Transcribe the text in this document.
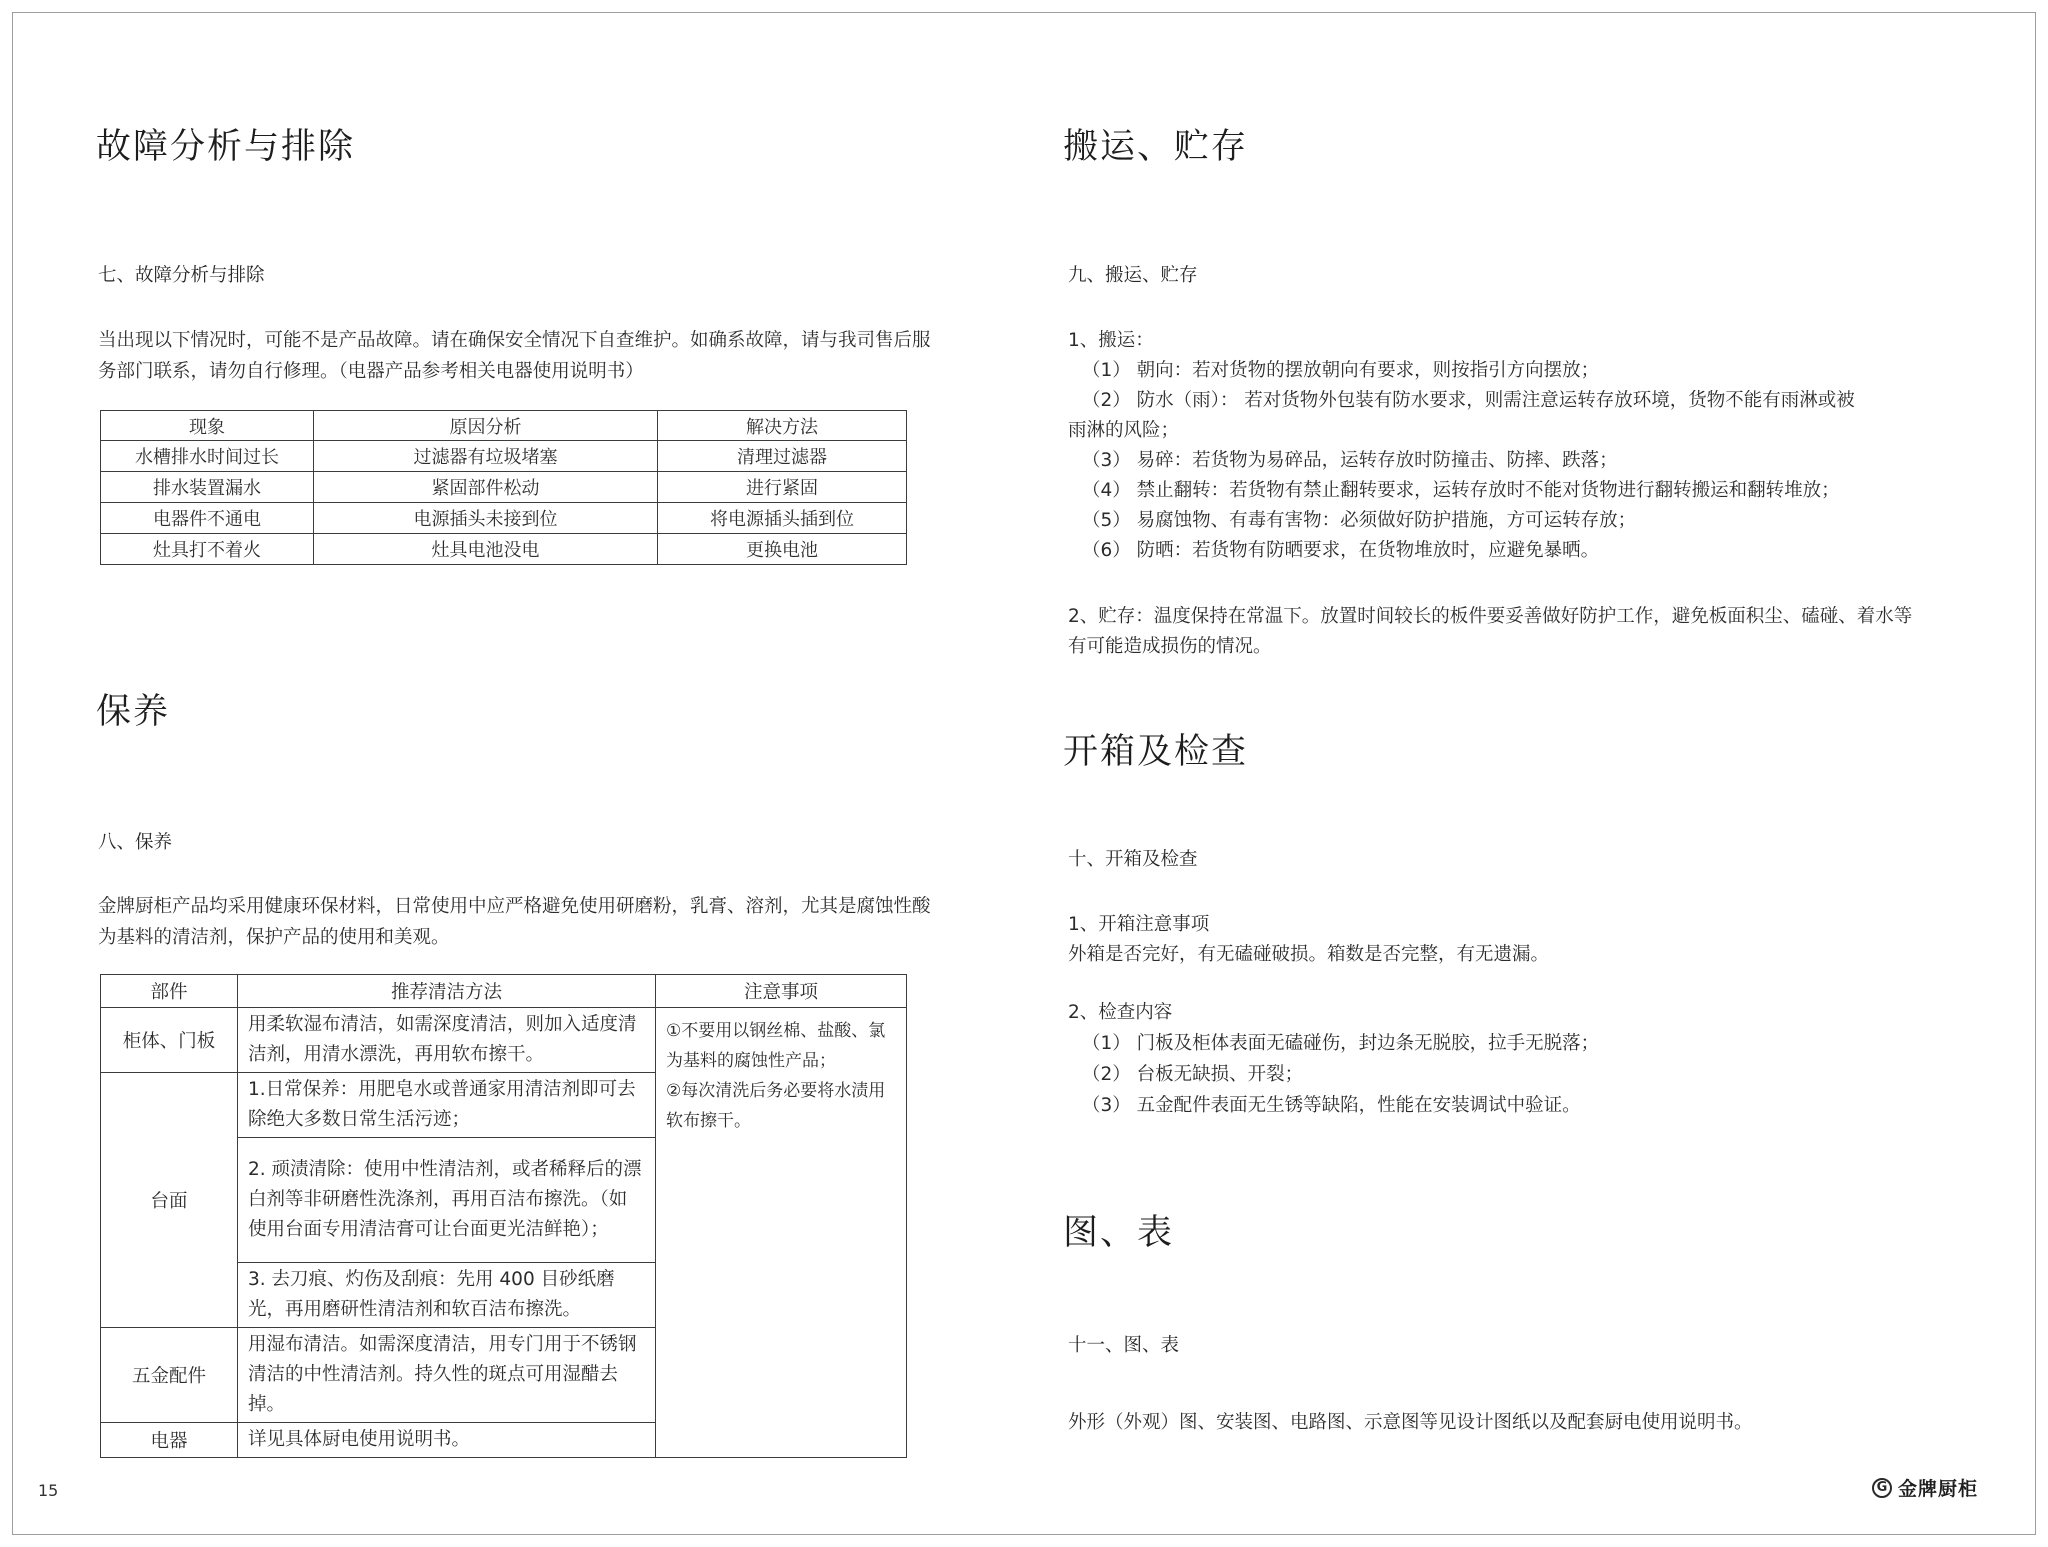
故障分析与排除
七、故障分析与排除
当出现以下情况时，可能不是产品故障。请在确保安全情况下自查维护。如确系故障，请与我司售后服
务部门联系，请勿自行修理。（电器产品参考相关电器使用说明书）
现象	原因分析	解决方法
水槽排水时间过长	过滤器有垃圾堵塞	清理过滤器
排水装置漏水	紧固部件松动	进行紧固
电器件不通电	电源插头未接到位	将电源插头插到位
灶具打不着火	灶具电池没电	更换电池
保养
八、保养
金牌厨柜产品均采用健康环保材料，日常使用中应严格避免使用研磨粉，乳膏、溶剂，尤其是腐蚀性酸
为基料的清洁剂，保护产品的使用和美观。
部件	推荐清洁方法	注意事项
柜体、门板	用柔软湿布清洁，如需深度清洁，则加入适度清洁剂，用清水漂洗，再用软布擦干。	①不要用以钢丝棉、盐酸、氯为基料的腐蚀性产品；
②每次清洗后务必要将水渍用软布擦干。

台面	1.日常保养：用肥皂水或普通家用清洁剂即可去除绝大多数日常生活污迹；	
	2. 顽渍清除：使用中性清洁剂，或者稀释后的漂白剂等非研磨性洗涤剂，再用百洁布擦洗。（如使用台面专用清洁膏可让台面更光洁鲜艳）；	
	3. 去刀痕、灼伤及刮痕：先用 400 目砂纸磨光，再用磨研性清洁剂和软百洁布擦洗。	
五金配件	用湿布清洁。如需深度清洁，用专门用于不锈钢清洁的中性清洁剂。持久性的斑点可用湿醋去掉。	
电器	详见具体厨电使用说明书。	
搬运、贮存
九、搬运、贮存
1、搬运：
（1） 朝向：若对货物的摆放朝向有要求，则按指引方向摆放；
（2） 防水（雨）： 若对货物外包装有防水要求，则需注意运转存放环境，货物不能有雨淋或被
雨淋的风险；
（3） 易碎：若货物为易碎品，运转存放时防撞击、防摔、跌落；
（4） 禁止翻转：若货物有禁止翻转要求，运转存放时不能对货物进行翻转搬运和翻转堆放；
（5） 易腐蚀物、有毒有害物：必须做好防护措施，方可运转存放；
（6） 防晒：若货物有防晒要求，在货物堆放时，应避免暴晒。
2、贮存：温度保持在常温下。放置时间较长的板件要妥善做好防护工作，避免板面积尘、磕碰、着水等
有可能造成损伤的情况。
开箱及检查
十、开箱及检查
1、开箱注意事项
外箱是否完好，有无磕碰破损。箱数是否完整，有无遗漏。
2、检查内容
（1） 门板及柜体表面无磕碰伤，封边条无脱胶，拉手无脱落；
（2） 台板无缺损、开裂；
（3） 五金配件表面无生锈等缺陷，性能在安装调试中验证。
图、表
十一、图、表
外形（外观）图、安装图、电路图、示意图等见设计图纸以及配套厨电使用说明书。
15	G 金牌厨柜
